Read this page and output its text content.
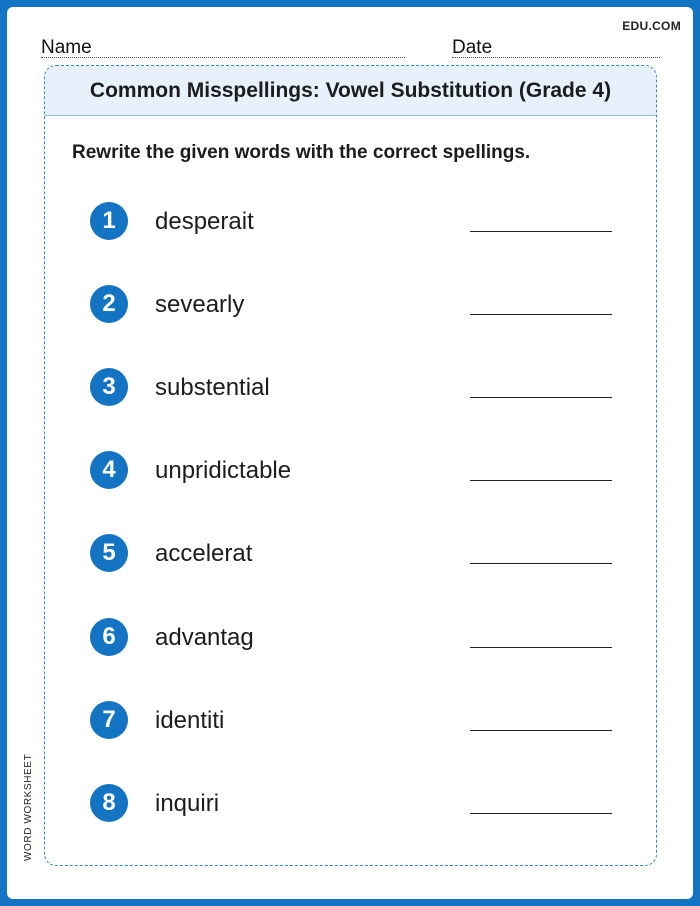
EDU.COM
Name	Date
Common Misspellings: Vowel Substitution (Grade 4)
Rewrite the given words with the correct spellings.
1	desperait
2	sevearly
3	substential
4	unpridictable
5	accelerat
6	advantag
7	identiti
8	inquiri
WORD WORKSHEET
